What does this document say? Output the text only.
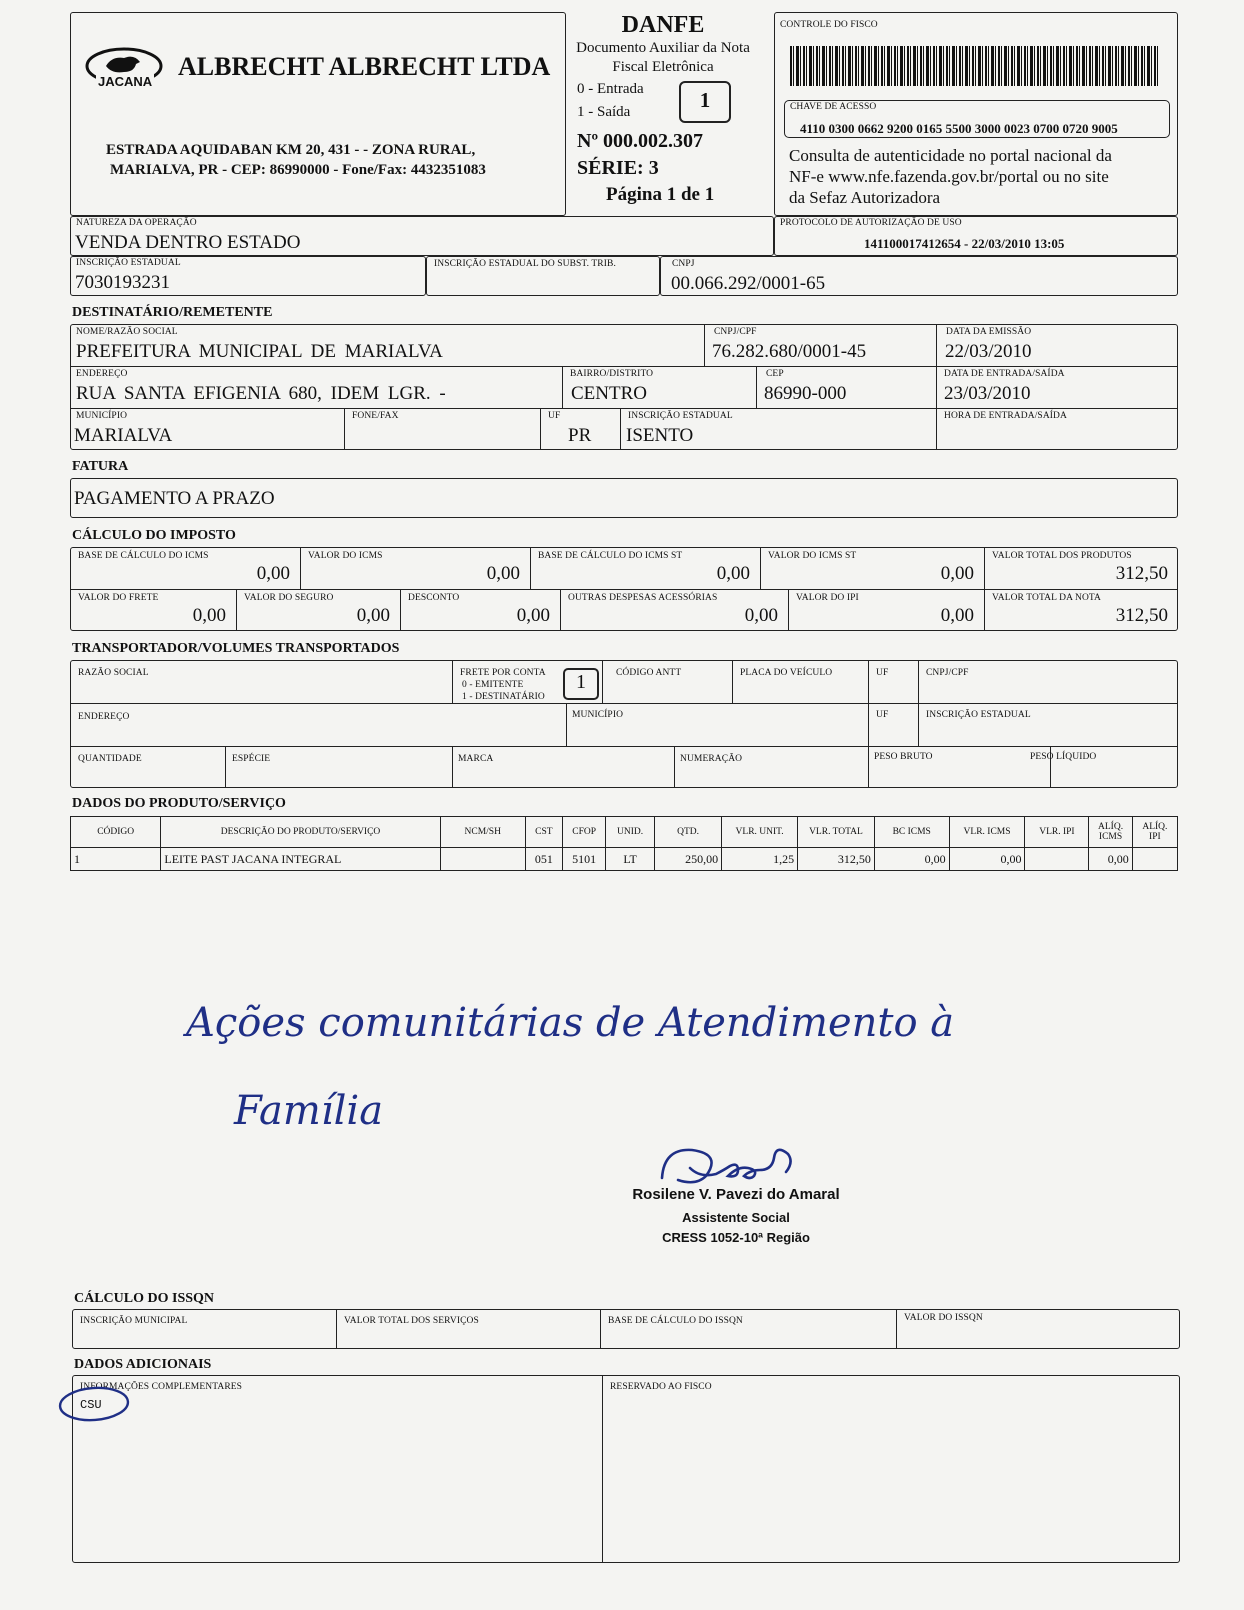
JACANA
ALBRECHT ALBRECHT LTDA
ESTRADA AQUIDABAN KM 20, 431 - - ZONA RURAL,
MARIALVA, PR - CEP: 86990000 - Fone/Fax: 4432351083
DANFE
Documento Auxiliar da Nota
Fiscal Eletrônica
0 - Entrada
1 - Saída	1
Nº 000.002.307
SÉRIE: 3
Página 1 de 1
CONTROLE DO FISCO
CHAVE DE ACESSO
4110 0300 0662 9200 0165 5500 3000 0023 0700 0720 9005
Consulta de autenticidade no portal nacional da
NF-e www.nfe.fazenda.gov.br/portal ou no site
da Sefaz Autorizadora
NATUREZA DA OPERAÇÃO
VENDA DENTRO ESTADO
PROTOCOLO DE AUTORIZAÇÃO DE USO
141100017412654 - 22/03/2010 13:05
INSCRIÇÃO ESTADUAL
7030193231
INSCRIÇÃO ESTADUAL DO SUBST. TRIB.	CNPJ
00.066.292/0001-65
DESTINATÁRIO/REMETENTE
NOME/RAZÃO SOCIAL
PREFEITURA MUNICIPAL DE MARIALVA
CNPJ/CPF
76.282.680/0001-45
DATA DA EMISSÃO
22/03/2010
ENDEREÇO
RUA SANTA EFIGENIA 680, IDEM LGR. -
BAIRRO/DISTRITO
CENTRO
CEP
86990-000
DATA DE ENTRADA/SAÍDA
23/03/2010
MUNICÍPIO
MARIALVA
FONE/FAX	UF
PR
INSCRIÇÃO ESTADUAL
ISENTO
HORA DE ENTRADA/SAÍDA
FATURA
PAGAMENTO A PRAZO
CÁLCULO DO IMPOSTO
BASE DE CÁLCULO DO ICMS
0,00
VALOR DO ICMS
0,00
BASE DE CÁLCULO DO ICMS ST
0,00
VALOR DO ICMS ST
0,00
VALOR TOTAL DOS PRODUTOS
312,50
VALOR DO FRETE
0,00
VALOR DO SEGURO
0,00
DESCONTO
0,00
OUTRAS DESPESAS ACESSÓRIAS
0,00
VALOR DO IPI
0,00
VALOR TOTAL DA NOTA
312,50
TRANSPORTADOR/VOLUMES TRANSPORTADOS
RAZÃO SOCIAL	FRETE POR CONTA
0 - EMITENTE
1 - DESTINATÁRIO
1	CÓDIGO ANTT	PLACA DO VEÍCULO	UF	CNPJ/CPF
ENDEREÇO	MUNICÍPIO	UF	INSCRIÇÃO ESTADUAL
QUANTIDADE	ESPÉCIE	MARCA	NUMERAÇÃO	PESO BRUTO	PESO LÍQUIDO
DADOS DO PRODUTO/SERVIÇO
CÓDIGO	DESCRIÇÃO DO PRODUTO/SERVIÇO	NCM/SH	CST	CFOP	UNID.	QTD.	VLR. UNIT.	VLR. TOTAL	BC ICMS	VLR. ICMS	VLR. IPI	ALÍQ. ICMS	ALÍQ. IPI
1	LEITE PAST JACANA INTEGRAL		051	5101	LT	250,00	1,25	312,50	0,00	0,00		0,00	
Ações comunitárias de Atendimento à
Família
Rosilene V. Pavezi do Amaral
Assistente Social
CRESS 1052-10ª Região
CÁLCULO DO ISSQN
INSCRIÇÃO MUNICIPAL	VALOR TOTAL DOS SERVIÇOS	BASE DE CÁLCULO DO ISSQN	VALOR DO ISSQN
DADOS ADICIONAIS
INFORMAÇÕES COMPLEMENTARES
CSU
RESERVADO AO FISCO
